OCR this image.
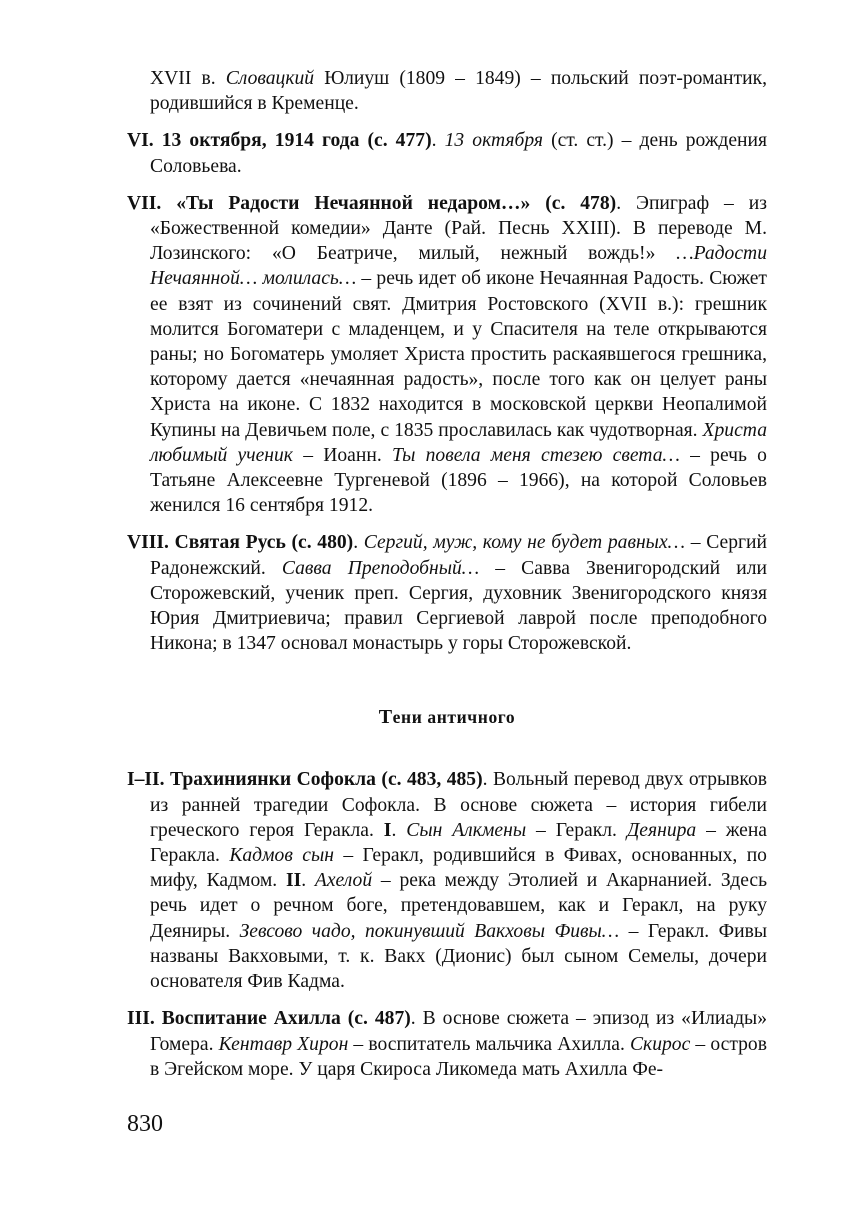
XVII в. Словацкий Юлиуш (1809 – 1849) – польский поэт-романтик, родившийся в Кременце.

VI. 13 октября, 1914 года (с. 477). 13 октября (ст. ст.) – день рождения Соловьева.

VII. «Ты Радости Нечаянной недаром…» (с. 478). Эпиграф – из «Божественной комедии» Данте (Рай. Песнь XXIII). В переводе М. Лозинского: «О Беатриче, милый, нежный вождь!» …Радости Нечаянной… молилась… – речь идет об иконе Нечаянная Радость. Сюжет ее взят из сочинений свят. Дмитрия Ростовского (XVII в.): грешник молится Богоматери с младенцем, и у Спасителя на теле открываются раны; но Богоматерь умоляет Христа простить раскаявшегося грешника, которому дается «нечаянная радость», после того как он целует раны Христа на иконе. С 1832 находится в московской церкви Неопалимой Купины на Девичьем поле, с 1835 прославилась как чудотворная. Христа любимый ученик – Иоанн. Ты повела меня стезею света… – речь о Татьяне Алексеевне Тургеневой (1896 – 1966), на которой Соловьев женился 16 сентября 1912.

VIII. Святая Русь (с. 480). Сергий, муж, кому не будет равных… – Сергий Радонежский. Савва Преподобный… – Савва Звенигородский или Сторожевский, ученик преп. Сергия, духовник Звенигородского князя Юрия Дмитриевича; правил Сергиевой лаврой после преподобного Никона; в 1347 основал монастырь у горы Сторожевской.

Тени античного

I–II. Трахиниянки Софокла (с. 483, 485). Вольный перевод двух отрывков из ранней трагедии Софокла. В основе сюжета – история гибели греческого героя Геракла. I. Сын Алкмены – Геракл. Деянира – жена Геракла. Кадмов сын – Геракл, родившийся в Фивах, основанных, по мифу, Кадмом. II. Ахелой – река между Этолией и Акарнанией. Здесь речь идет о речном боге, претендовавшем, как и Геракл, на руку Деяниры. Зевсово чадо, покинувший Вакховы Фивы… – Геракл. Фивы названы Вакховыми, т. к. Вакх (Дионис) был сыном Семелы, дочери основателя Фив Кадма.

III. Воспитание Ахилла (с. 487). В основе сюжета – эпизод из «Илиады» Гомера. Кентавр Хирон – воспитатель мальчика Ахилла. Скирос – остров в Эгейском море. У царя Скироса Ликомеда мать Ахилла Фе-

830
